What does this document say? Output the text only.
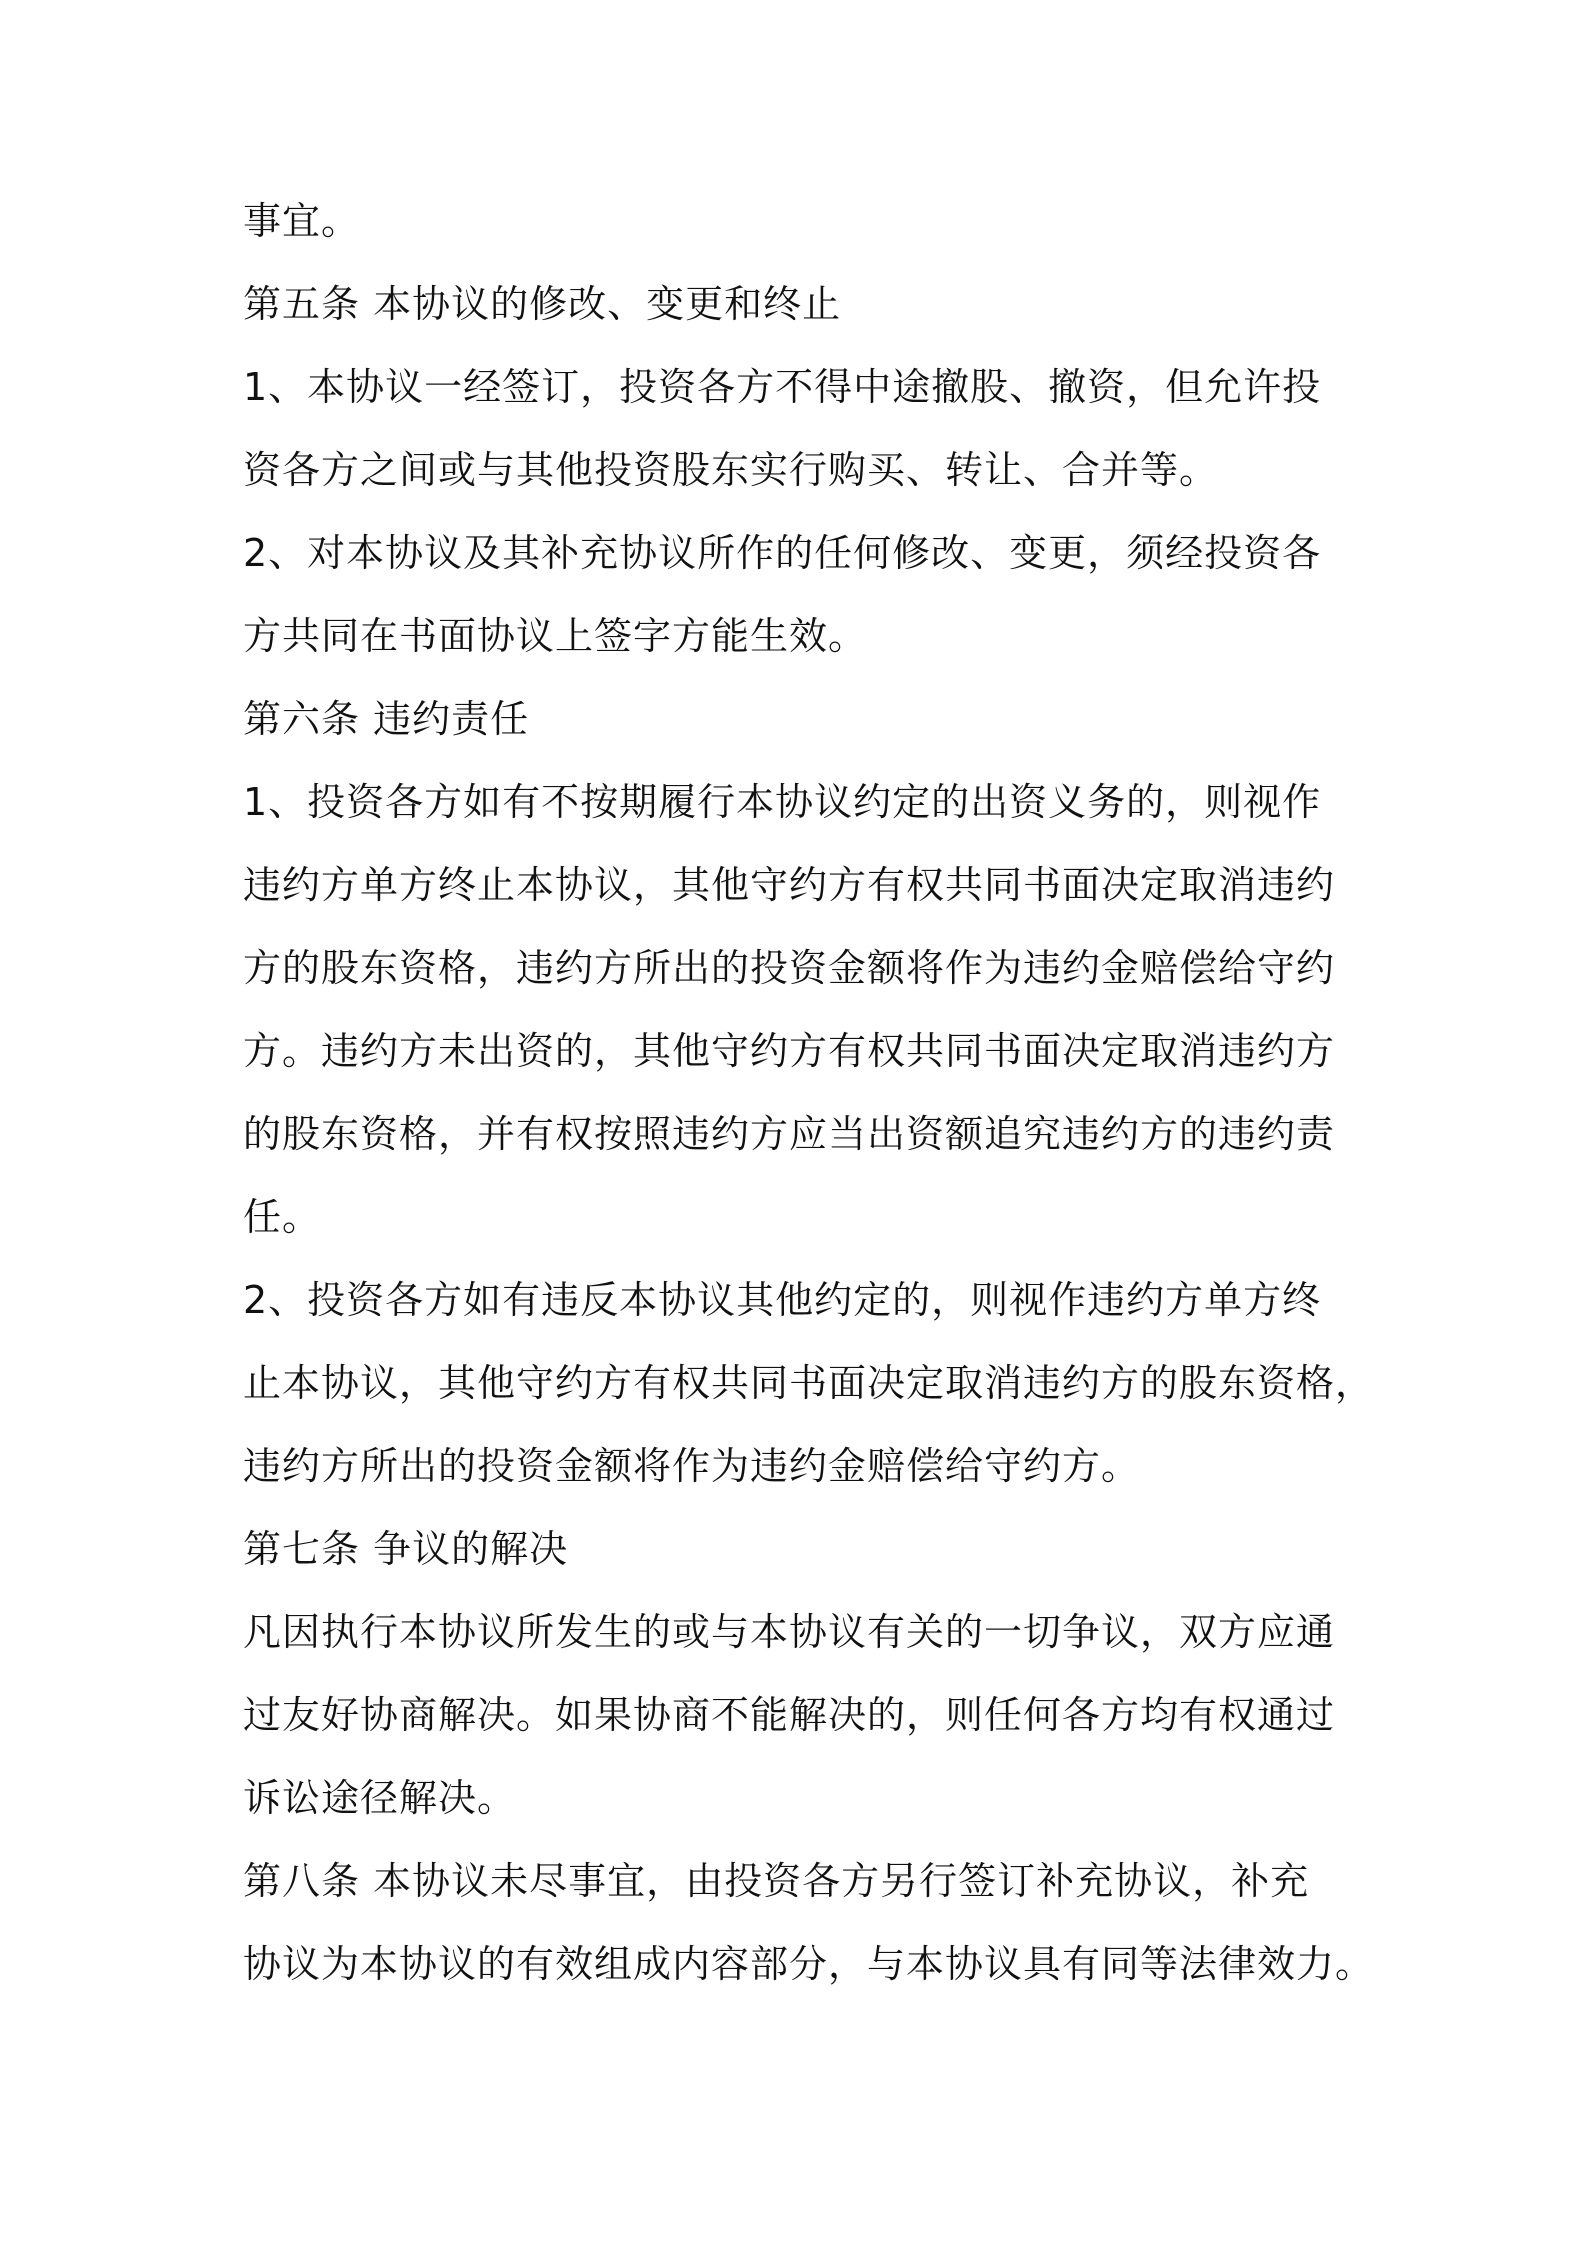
事宜。
第五条 本协议的修改、变更和终止
1、本协议一经签订，投资各方不得中途撤股、撤资，但允许投
资各方之间或与其他投资股东实行购买、转让、合并等。
2、对本协议及其补充协议所作的任何修改、变更，须经投资各
方共同在书面协议上签字方能生效。
第六条 违约责任
1、投资各方如有不按期履行本协议约定的出资义务的，则视作
违约方单方终止本协议，其他守约方有权共同书面决定取消违约
方的股东资格，违约方所出的投资金额将作为违约金赔偿给守约
方。违约方未出资的，其他守约方有权共同书面决定取消违约方
的股东资格，并有权按照违约方应当出资额追究违约方的违约责
任。
2、投资各方如有违反本协议其他约定的，则视作违约方单方终
止本协议，其他守约方有权共同书面决定取消违约方的股东资格，
违约方所出的投资金额将作为违约金赔偿给守约方。
第七条 争议的解决
凡因执行本协议所发生的或与本协议有关的一切争议，双方应通
过友好协商解决。如果协商不能解决的，则任何各方均有权通过
诉讼途径解决。
第八条 本协议未尽事宜，由投资各方另行签订补充协议，补充
协议为本协议的有效组成内容部分，与本协议具有同等法律效力。
